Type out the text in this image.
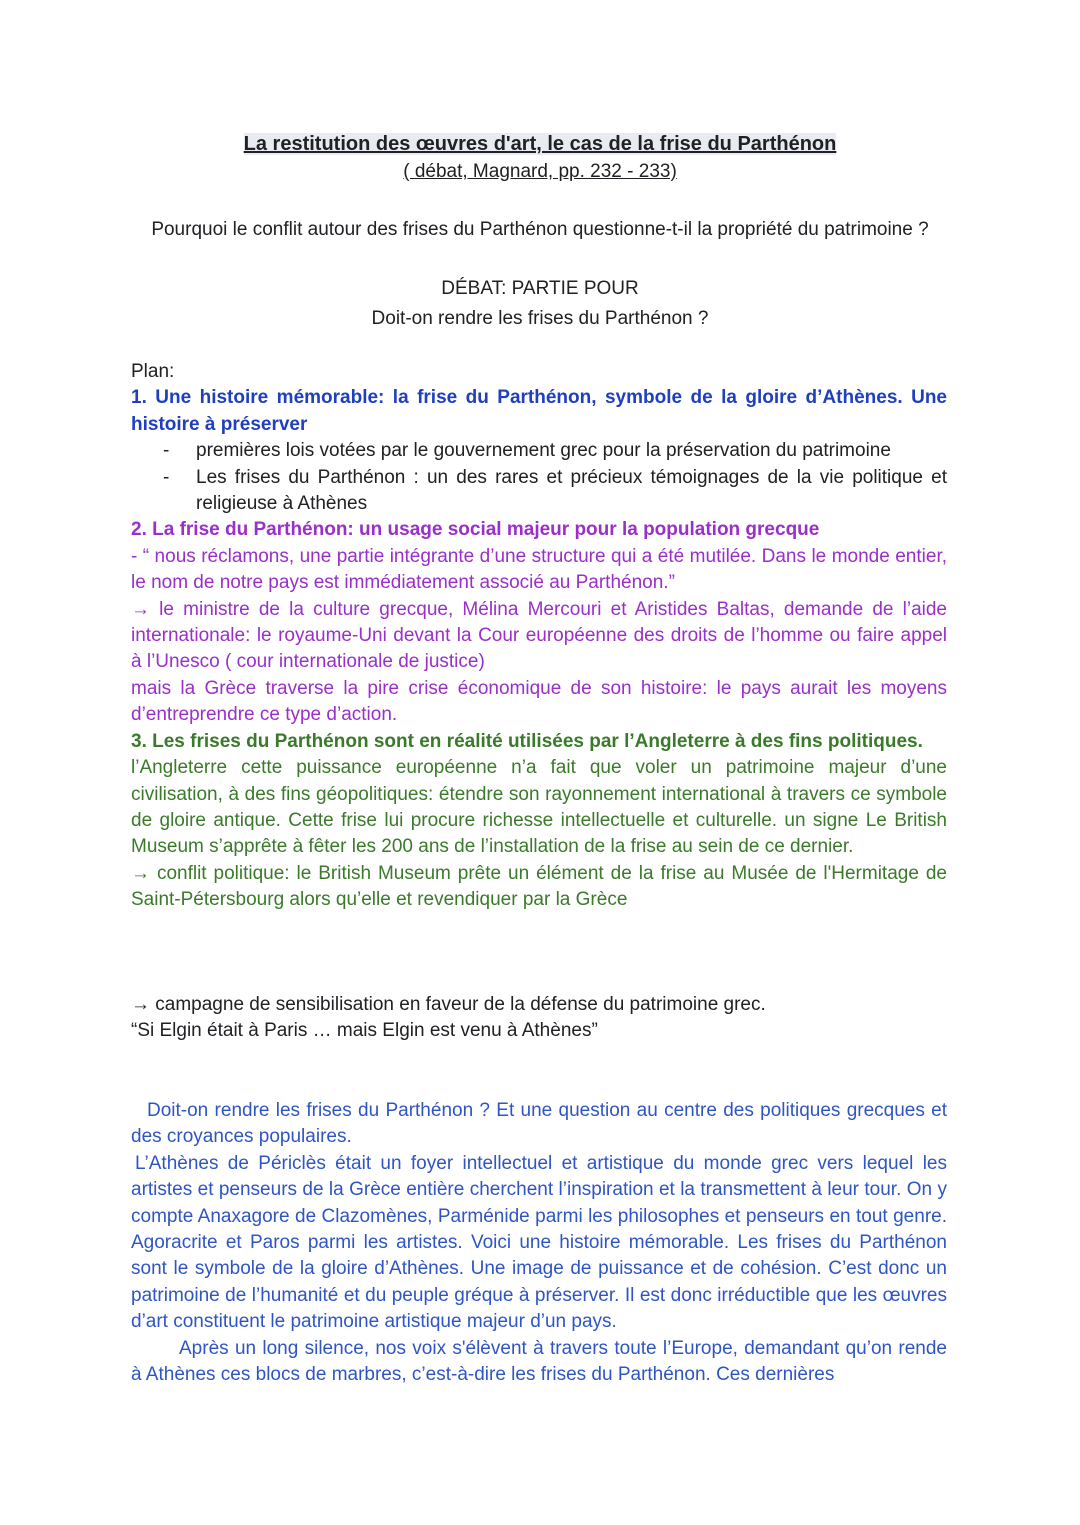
La restitution des œuvres d'art, le cas de la frise du Parthénon
( débat, Magnard, pp. 232 - 233)
Pourquoi le conflit autour des frises du Parthénon questionne-t-il la propriété du patrimoine ?
DÉBAT: PARTIE POUR
Doit-on rendre les frises du Parthénon ?

Plan:

1. Une histoire mémorable: la frise du Parthénon, symbole de la gloire d’Athènes. Une histoire à préserver

- premières lois votées par le gouvernement grec pour la préservation du patrimoine
- Les frises du Parthénon : un des rares et précieux témoignages de la vie politique et religieuse à Athènes

2. La frise du Parthénon: un usage social majeur pour la population grecque

- “ nous réclamons, une partie intégrante d’une structure qui a été mutilée. Dans le monde entier, le nom de notre pays est immédiatement associé au Parthénon.”

→ le ministre de la culture grecque, Mélina Mercouri et Aristides Baltas, demande de l’aide internationale: le royaume-Uni devant la Cour européenne des droits de l’homme ou faire appel à l’Unesco ( cour internationale de justice)

mais la Grèce traverse la pire crise économique de son histoire: le pays aurait les moyens d’entreprendre ce type d’action.

3. Les frises du Parthénon sont en réalité utilisées par l’Angleterre à des fins politiques.

l’Angleterre cette puissance européenne n’a fait que voler un patrimoine majeur d’une civilisation, à des fins géopolitiques: étendre son rayonnement international à travers ce symbole de gloire antique. Cette frise lui procure richesse intellectuelle et culturelle. un signe Le British Museum s’apprête à fêter les 200 ans de l’installation de la frise au sein de ce dernier.

→ conflit politique: le British Museum prête un élément de la frise au Musée de l'Hermitage de Saint-Pétersbourg alors qu’elle et revendiquer par la Grèce

→ campagne de sensibilisation en faveur de la défense du patrimoine grec.

“Si Elgin était à Paris … mais Elgin est venu à Athènes”

Doit-on rendre les frises du Parthénon ? Et une question au centre des politiques grecques et des croyances populaires.

L’Athènes de Périclès était un foyer intellectuel et artistique du monde grec vers lequel les artistes et penseurs de la Grèce entière cherchent l’inspiration et la transmettent à leur tour. On y compte Anaxagore de Clazomènes, Parménide parmi les philosophes et penseurs en tout genre. Agoracrite et Paros parmi les artistes. Voici une histoire mémorable. Les frises du Parthénon sont le symbole de la gloire d’Athènes. Une image de puissance et de cohésion. C’est donc un patrimoine de l’humanité et du peuple gréque à préserver. Il est donc irréductible que les œuvres d’art constituent le patrimoine artistique majeur d’un pays.

Après un long silence, nos voix s'élèvent à travers toute l’Europe, demandant qu’on rende à Athènes ces blocs de marbres, c’est-à-dire les frises du Parthénon. Ces dernières
